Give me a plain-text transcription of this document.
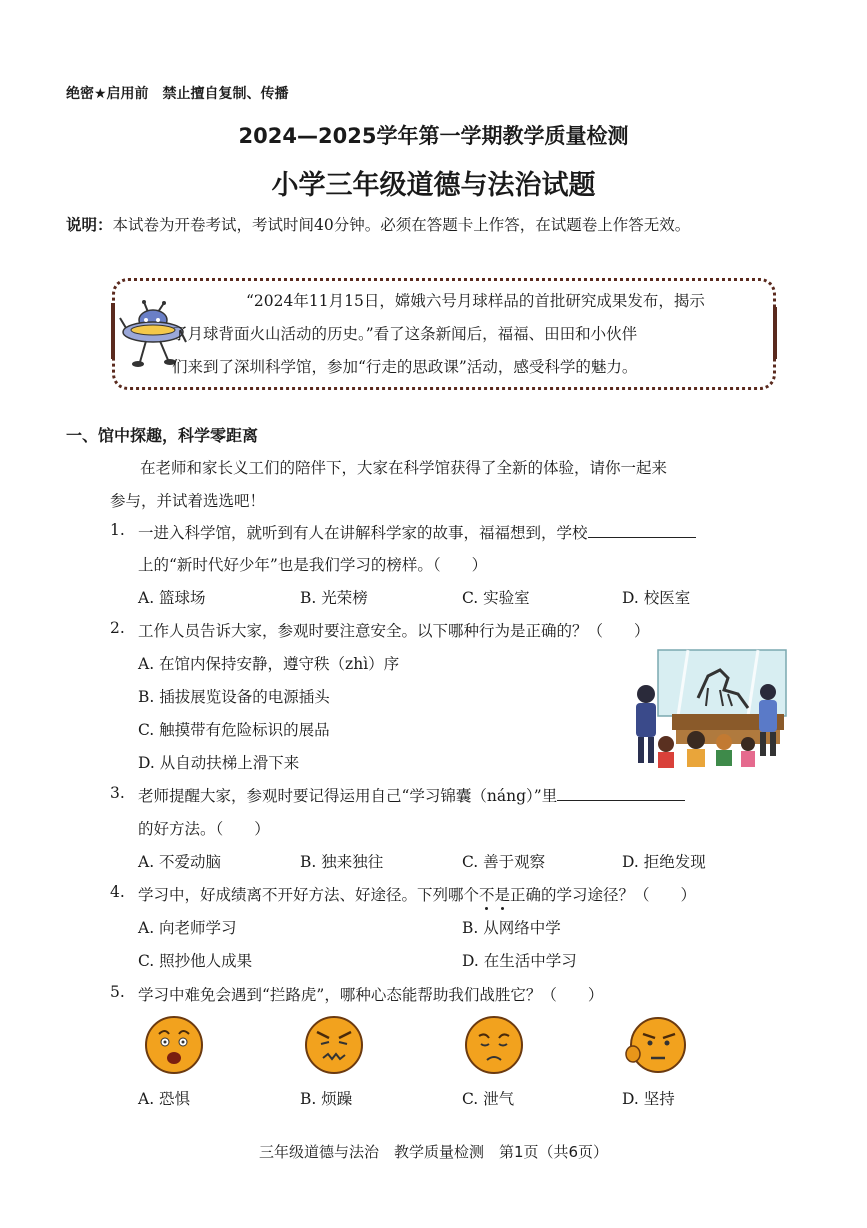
绝密★启用前　禁止擅自复制、传播
2024—2025学年第一学期教学质量检测
小学三年级道德与法治试题
说明：本试卷为开卷考试，考试时间40分钟。必须在答题卡上作答，在试题卷上作答无效。
“2024年11月15日，嫦娥六号月球样品的首批研究成果发布，揭示
了月球背面火山活动的历史。”看了这条新闻后，福福、田田和小伙伴
们来到了深圳科学馆，参加“行走的思政课”活动，感受科学的魅力。
一、馆中探趣，科学零距离
在老师和家长义工们的陪伴下，大家在科学馆获得了全新的体验，请你一起来
参与，并试着选选吧！
1. 一进入科学馆，就听到有人在讲解科学家的故事，福福想到，学校
上的“新时代好少年”也是我们学习的榜样。（　　）
A. 篮球场	B. 光荣榜	C. 实验室	D. 校医室
2. 工作人员告诉大家，参观时要注意安全。以下哪种行为是正确的？（　　）
A. 在馆内保持安静，遵守秩（zhì）序
B. 插拔展览设备的电源插头
C. 触摸带有危险标识的展品
D. 从自动扶梯上滑下来
3. 老师提醒大家，参观时要记得运用自己“学习锦囊（náng）”里
的好方法。（　　）
A. 不爱动脑	B. 独来独往	C. 善于观察	D. 拒绝发现
4. 学习中，好成绩离不开好方法、好途径。下列哪个不是正确的学习途径？（　　）
A. 向老师学习	B. 从网络中学
C. 照抄他人成果	D. 在生活中学习
5. 学习中难免会遇到“拦路虎”，哪种心态能帮助我们战胜它？（　　）
A. 恐惧	B. 烦躁	C. 泄气	D. 坚持
三年级道德与法治　教学质量检测　第1页（共6页）
